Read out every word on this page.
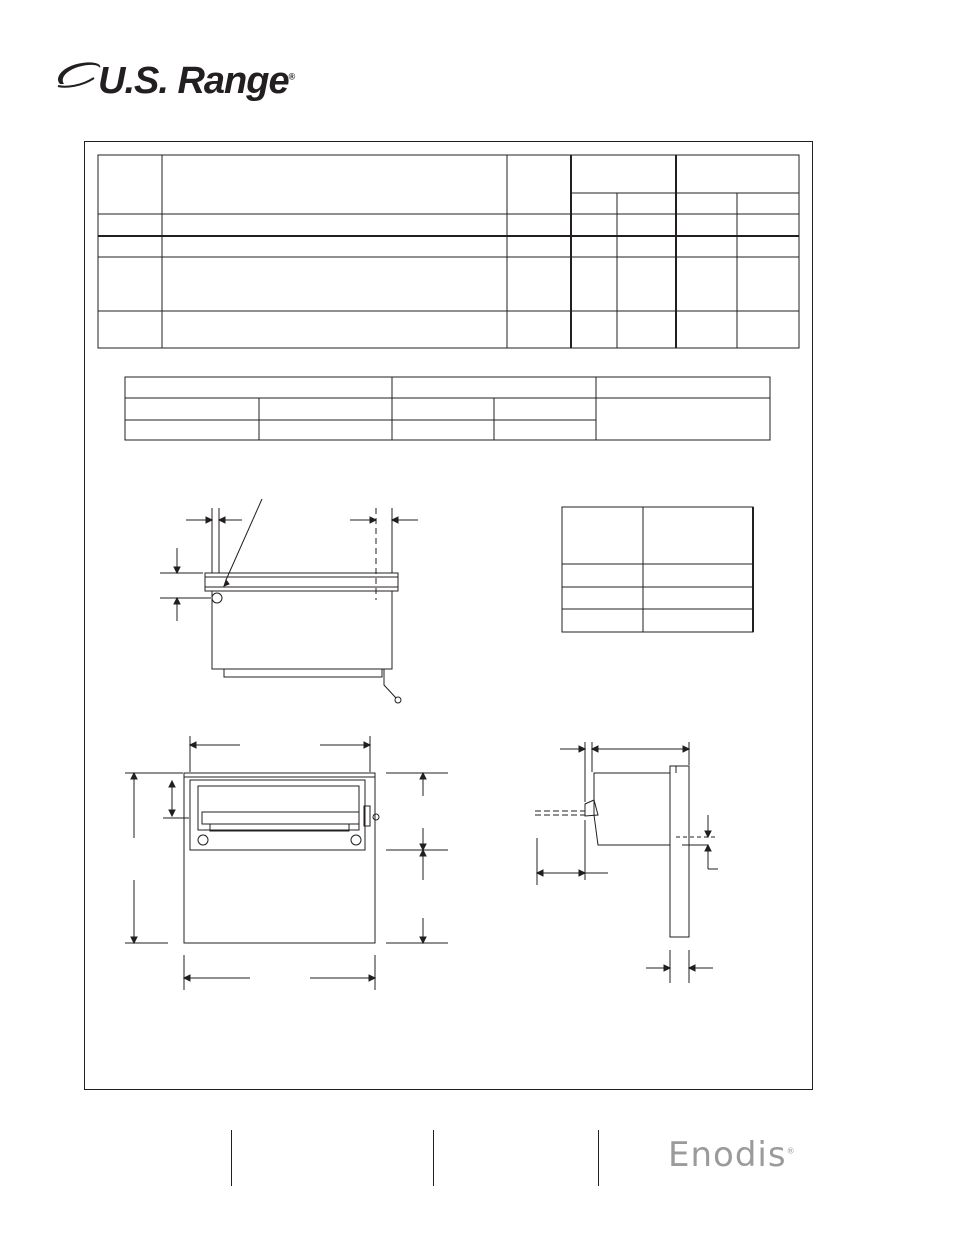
U.S. Range®
Enodis®
